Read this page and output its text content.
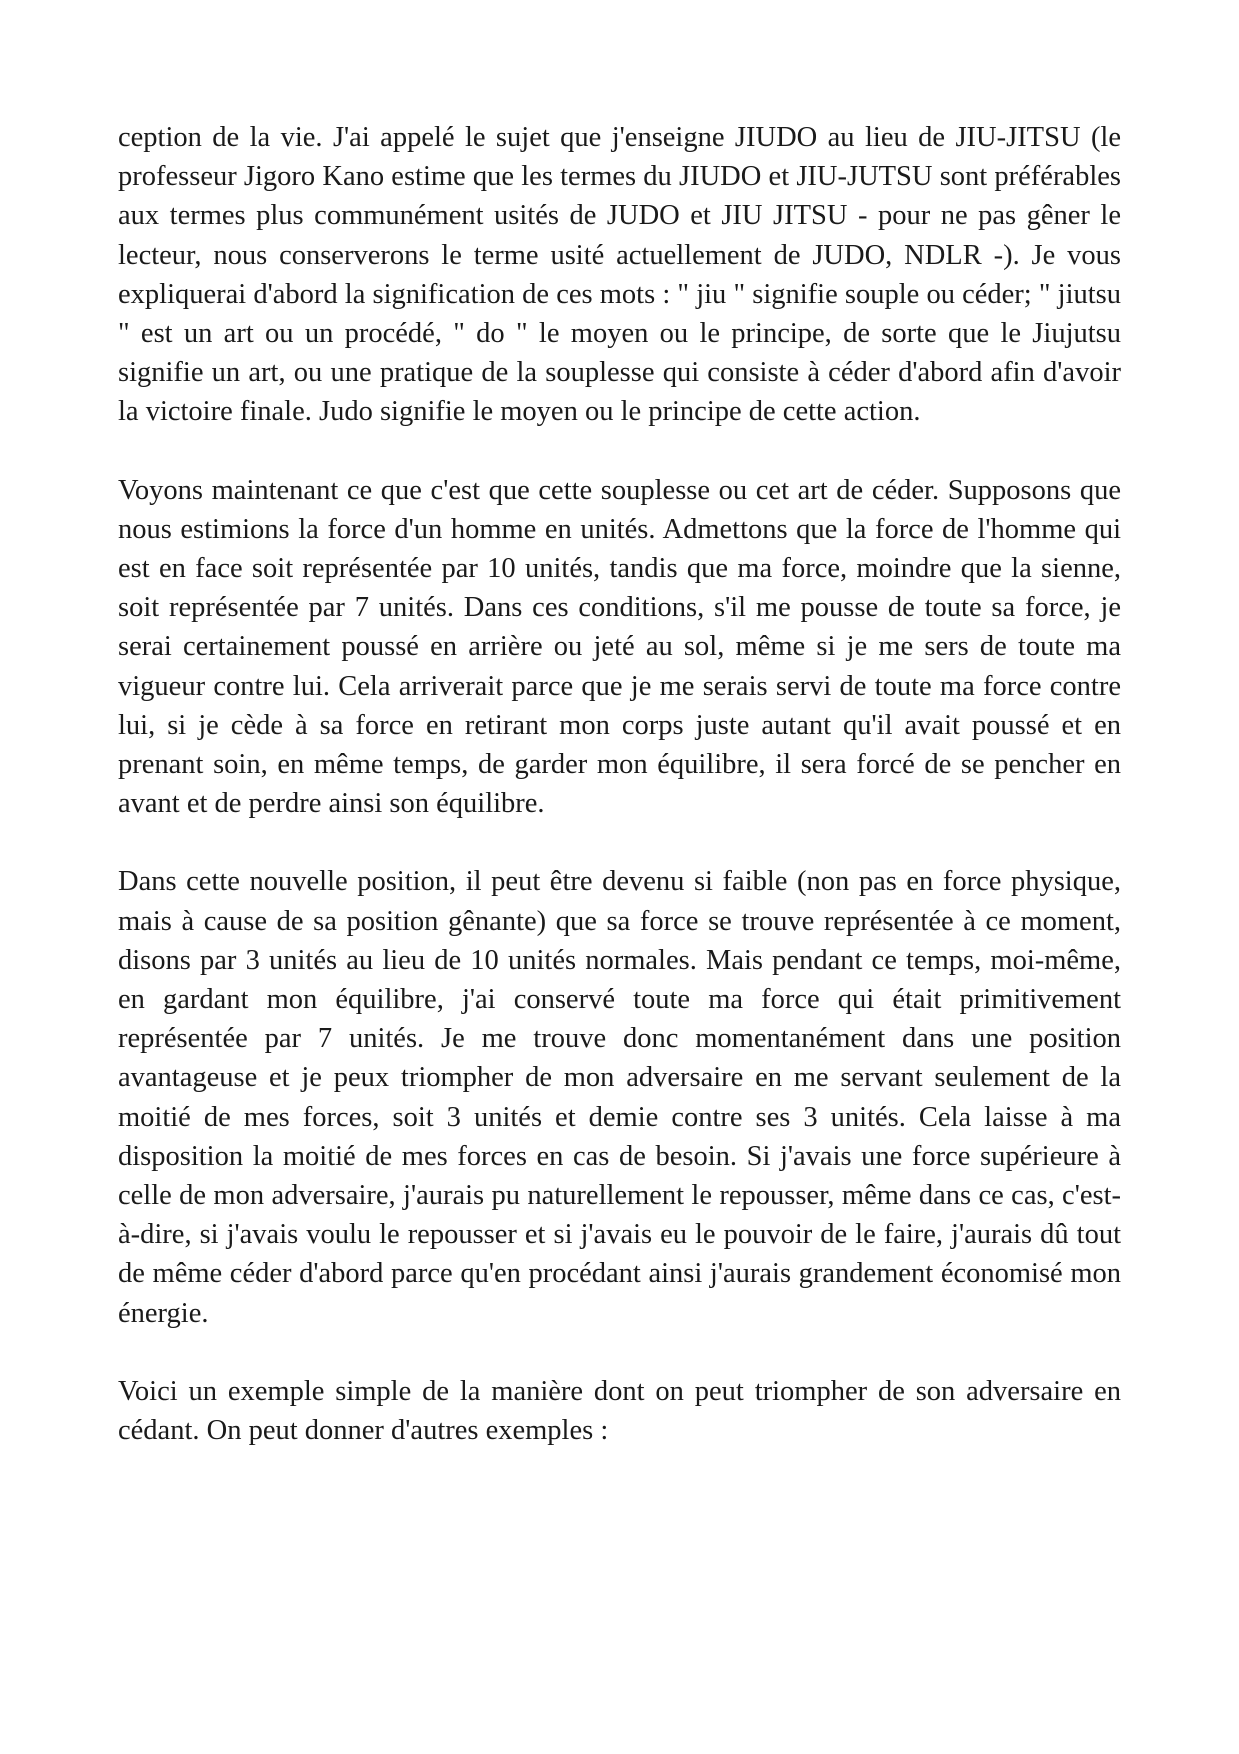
ception de la vie. J'ai appelé le sujet que j'enseigne JIUDO au lieu de JIU-JITSU (le professeur Jigoro Kano estime que les termes du JIUDO et JIU-JUTSU sont préférables aux termes plus communément usités de JUDO et JIU JITSU - pour ne pas gêner le lecteur, nous conserverons le terme usité actuellement de JUDO, NDLR -). Je vous expliquerai d'abord la signification de ces mots : " jiu " signifie souple ou céder; " jiutsu " est un art ou un procédé, " do " le moyen ou le principe, de sorte que le Jiujutsu signifie un art, ou une pratique de la souplesse qui consiste à céder d'abord afin d'avoir la victoire finale. Judo signifie le moyen ou le principe de cette action.

Voyons maintenant ce que c'est que cette souplesse ou cet art de céder. Supposons que nous estimions la force d'un homme en unités. Admettons que la force de l'homme qui est en face soit représentée par 10 unités, tandis que ma force, moindre que la sienne, soit représentée par 7 unités. Dans ces conditions, s'il me pousse de toute sa force, je serai certainement poussé en arrière ou jeté au sol, même si je me sers de toute ma vigueur contre lui. Cela arriverait parce que je me serais servi de toute ma force contre lui, si je cède à sa force en retirant mon corps juste autant qu'il avait poussé et en prenant soin, en même temps, de garder mon équilibre, il sera forcé de se pencher en avant et de perdre ainsi son équilibre.

Dans cette nouvelle position, il peut être devenu si faible (non pas en force physique, mais à cause de sa position gênante) que sa force se trouve représentée à ce moment, disons par 3 unités au lieu de 10 unités normales. Mais pendant ce temps, moi-même, en gardant mon équilibre, j'ai conservé toute ma force qui était primitivement représentée par 7 unités. Je me trouve donc momentanément dans une position avantageuse et je peux triompher de mon adversaire en me servant seulement de la moitié de mes forces, soit 3 unités et demie contre ses 3 unités. Cela laisse à ma disposition la moitié de mes forces en cas de besoin. Si j'avais une force supérieure à celle de mon adversaire, j'aurais pu naturellement le repousser, même dans ce cas, c'est-à-dire, si j'avais voulu le repousser et si j'avais eu le pouvoir de le faire, j'aurais dû tout de même céder d'abord parce qu'en procédant ainsi j'aurais grandement économisé mon énergie.

Voici un exemple simple de la manière dont on peut triompher de son adversaire en cédant. On peut donner d'autres exemples :
